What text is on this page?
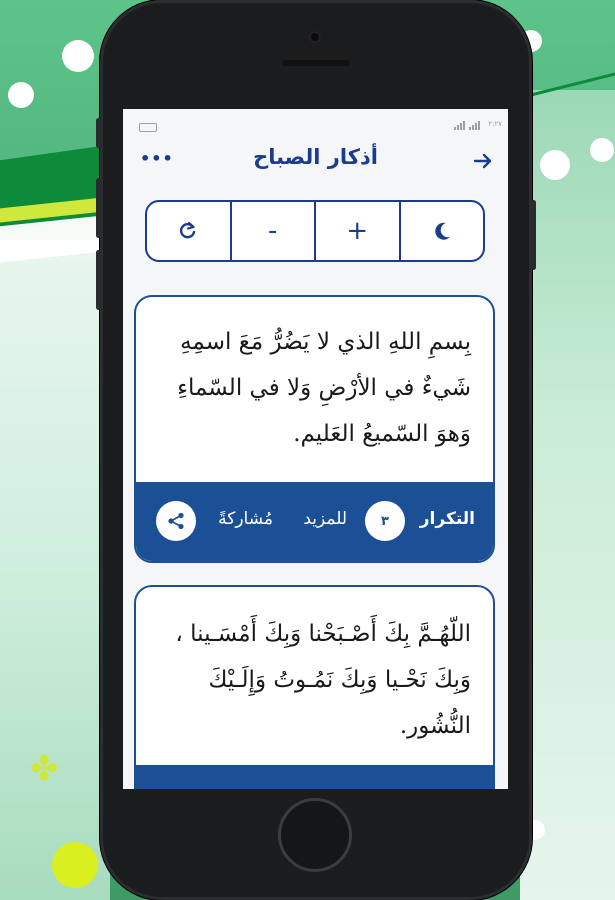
✤
٢:٢٧
•••	أذكار الصباح
-	+
بِسمِ اللهِ الذي لا يَضُرُّ مَعَ اسمِهِ شَيءٌ في الأرْضِ وَلا في السّماءِ وَهوَ السّميعُ العَليم.
التكرار
٣
للمزيد
مُشاركةً
اللّهُـمَّ بِكَ أَصْـبَحْنا وَبِكَ أَمْسَـينا ، وَبِكَ نَحْـيا وَبِكَ نَمُـوتُ وَإِلَـيْكَ النُّشُور.
